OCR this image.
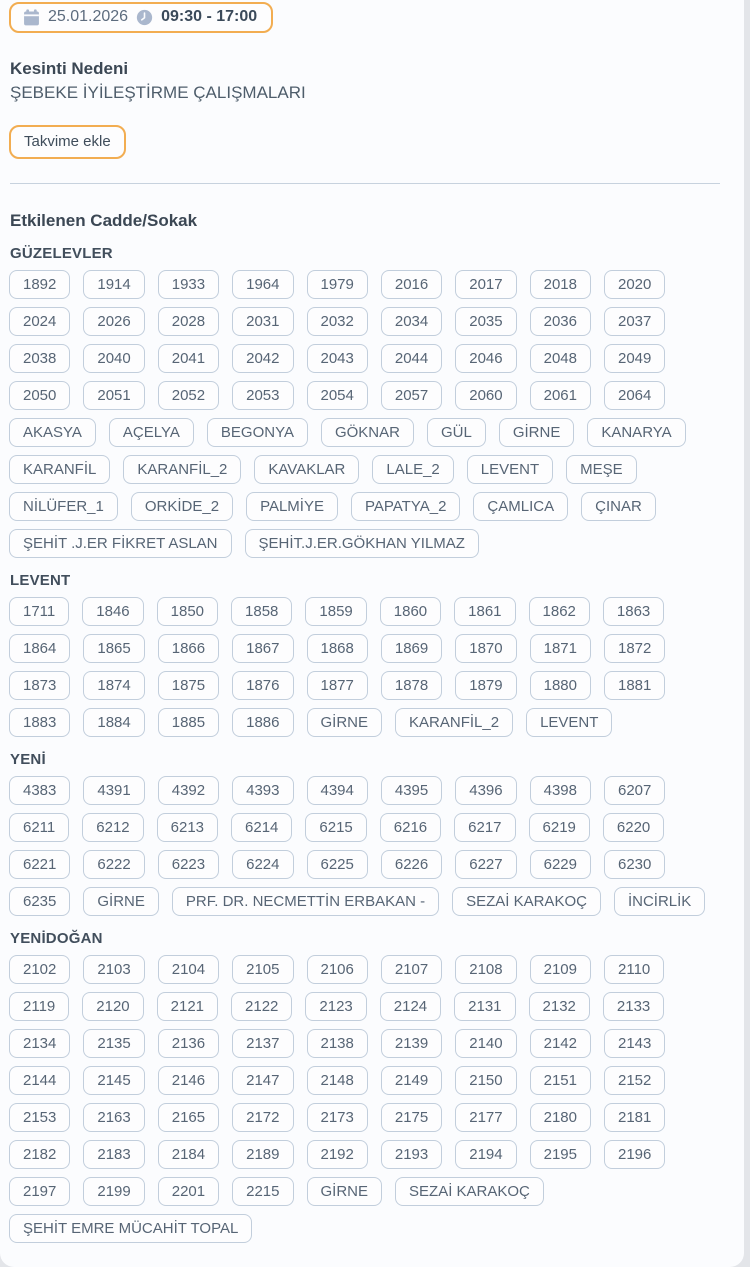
25.01.2026 09:30 - 17:00
Kesinti Nedeni
ŞEBEKE İYİLEŞTİRME ÇALIŞMALARI
Takvime ekle
Etkilenen Cadde/Sokak
GÜZELEVLER
1892	1914	1933	1964	1979	2016	2017	2018	2020
2024	2026	2028	2031	2032	2034	2035	2036	2037
2038	2040	2041	2042	2043	2044	2046	2048	2049
2050	2051	2052	2053	2054	2057	2060	2061	2064
AKASYA	AÇELYA	BEGONYA	GÖKNAR	GÜL	GİRNE	KANARYA
KARANFİL	KARANFİL_2	KAVAKLAR	LALE_2	LEVENT	MEŞE
NİLÜFER_1	ORKİDE_2	PALMİYE	PAPATYA_2	ÇAMLICA	ÇINAR
ŞEHİT .J.ER FİKRET ASLAN	ŞEHİT.J.ER.GÖKHAN YILMAZ
LEVENT
1711	1846	1850	1858	1859	1860	1861	1862	1863
1864	1865	1866	1867	1868	1869	1870	1871	1872
1873	1874	1875	1876	1877	1878	1879	1880	1881
1883	1884	1885	1886	GİRNE	KARANFİL_2	LEVENT
YENİ
4383	4391	4392	4393	4394	4395	4396	4398	6207
6211	6212	6213	6214	6215	6216	6217	6219	6220
6221	6222	6223	6224	6225	6226	6227	6229	6230
6235	GİRNE	PRF. DR. NECMETTİN ERBAKAN -	SEZAİ KARAKOÇ	İNCİRLİK
YENİDOĞAN
2102	2103	2104	2105	2106	2107	2108	2109	2110
2119	2120	2121	2122	2123	2124	2131	2132	2133
2134	2135	2136	2137	2138	2139	2140	2142	2143
2144	2145	2146	2147	2148	2149	2150	2151	2152
2153	2163	2165	2172	2173	2175	2177	2180	2181
2182	2183	2184	2189	2192	2193	2194	2195	2196
2197	2199	2201	2215	GİRNE	SEZAİ KARAKOÇ
ŞEHİT EMRE MÜCAHİT TOPAL
